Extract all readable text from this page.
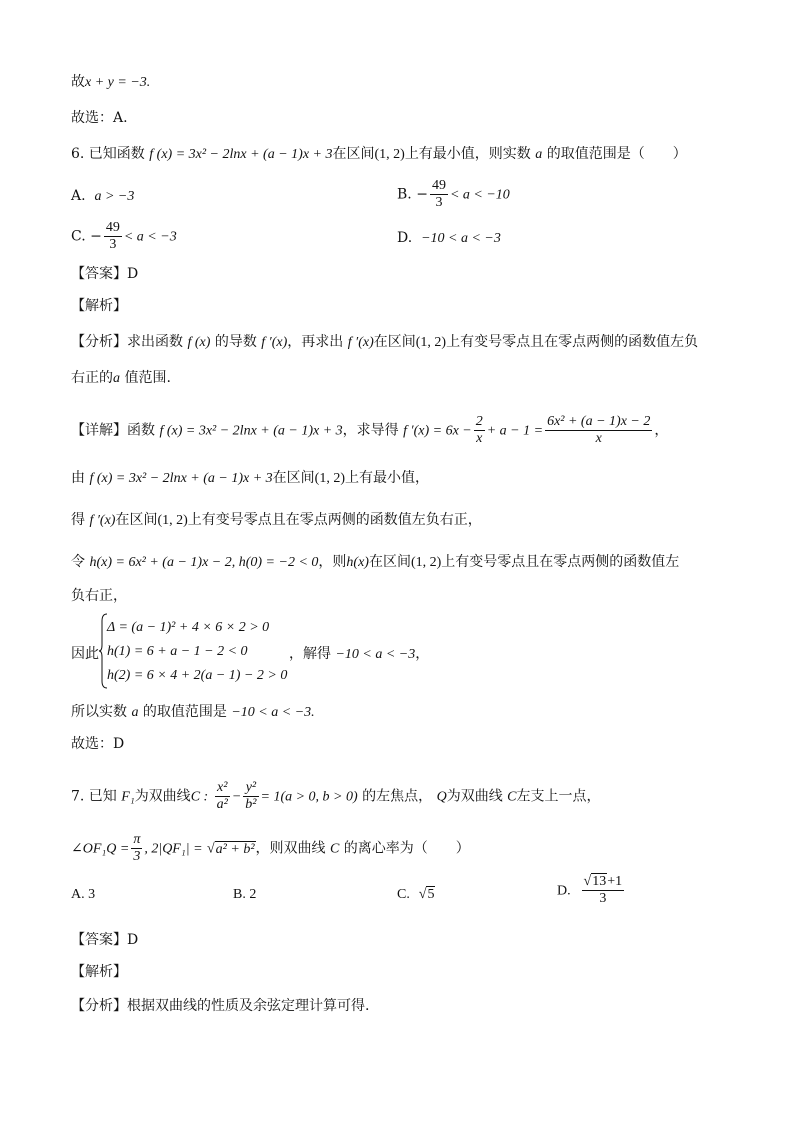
故x + y = −3.
故选：A.
6. 已知函数 f (x) = 3x² − 2lnx + (a − 1)x + 3在区间(1, 2)上有最小值，则实数 a 的取值范围是（　　）
A. a > −3	B. − $\frac{49}{3} < a < -10$
C. − $\frac{49}{3} < a < -3$	D. −10 < a < −3
【答案】D
【解析】
【分析】求出函数 f (x) 的导数 f ′(x)，再求出 f ′(x)在区间(1, 2)上有变号零点且在零点两侧的函数值左负
右正的a 值范围.
【详解】函数 f (x) = 3x² − 2lnx + (a − 1)x + 3，求导得 f $'(x) = 6x - \frac{2}{x} + a - 1 = \frac{\text{6x² + (a − 1)x − 2}}{x}$ ，
由 f (x) = 3x² − 2lnx + (a − 1)x + 3在区间(1, 2)上有最小值，
得 f ′(x)在区间(1, 2)上有变号零点且在零点两侧的函数值左负右正，
令 h(x) = 6x² + (a − 1)x − 2, h(0) = −2 < 0，则h(x)在区间(1, 2)上有变号零点且在零点两侧的函数值左
负右正，
因此
Δ = (a − 1)² + 4 × 6 × 2 > 0
h(1) = 6 + a − 1 − 2 < 0
h(2) = 6 × 4 + 2(a − 1) − 2 > 0
，解得 −10 < a < −3，
所以实数 a 的取值范围是 −10 < a < −3.
故选：D
7. 已知 F₁为双曲线C : $\frac{\text{x²}}{\text{a²}} - \frac{\text{y²}}{\text{b²}} = 1(a > 0$, b > 0) 的左焦点， Q为双曲线 C左支上一点，
∠OF₁Q = $\frac{\pi}{3}$ , 2|QF₁| = √a² + b²，则双曲线 C 的离心率为（　　）
A. 3	B. 2	C. √5	D. $\frac{√13+1}{3}$
【答案】D
【解析】
【分析】根据双曲线的性质及余弦定理计算可得.
